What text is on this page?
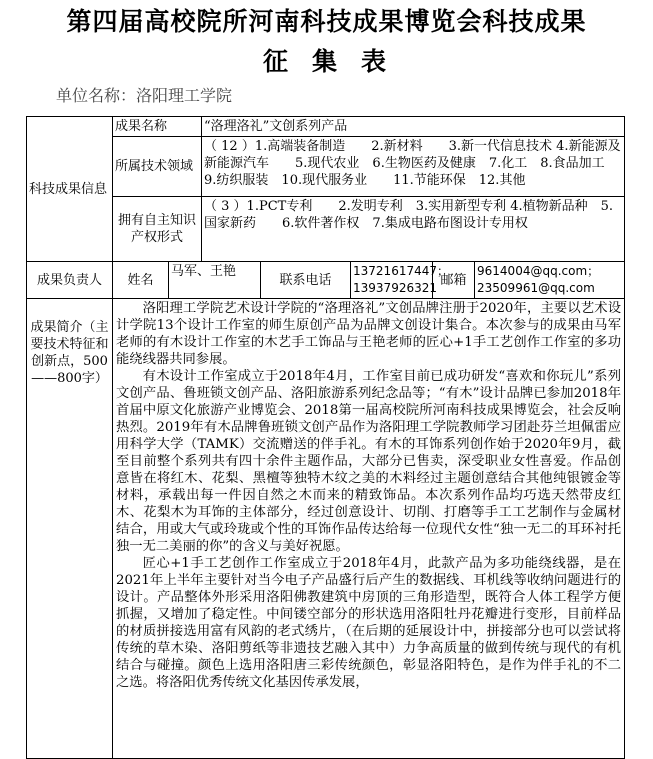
第四届高校院所河南科技成果博览会科技成果
征集表
单位名称：洛阳理工学院
科技成果信息	成果名称		“洛理洛礼”文创系列产品				
	所属技术领域		（ 12 ）1.高端装备制造　　2.新材料　　3.新一代信息技术 4.新能源及新能源汽车　　5.现代农业　6.生物医药及健康　7.化工　8.食品加工　9.纺织服装　10.现代服务业　　11.节能环保　12.其他				
	拥有自主知识产权形式		（ 3 ）1.PCT专利　　2.发明专利　3.实用新型专利 4.植物新品种　5.国家新药　　6.软件著作权　7.集成电路布图设计专用权				
成果负责人	姓名	马军、王艳		联系电话	13721617447；13937926321	邮箱	9614004@qq.com；23509961@qq.com
成果简介（主要技术特征和创新点，500——800字）	洛阳理工学院艺术设计学院的“洛理洛礼”文创品牌注册于2020年，主要以艺术设计学院13个设计工作室的师生原创产品为品牌文创设计集合。本次参与的成果由马军老师的有木设计工作室的木艺手工饰品与王艳老师的匠心+1手工艺创作工作室的多功能绕线器共同参展。

有木设计工作室成立于2018年4月，工作室目前已成功研发“喜欢和你玩儿”系列文创产品、鲁班锁文创产品、洛阳旅游系列纪念品等；“有木”设计品牌已参加2018年首届中原文化旅游产业博览会、2018第一届高校院所河南科技成果博览会，社会反响热烈。2019年有木品牌鲁班锁文创产品作为洛阳理工学院教师学习团赴芬兰坦佩雷应用科学大学（TAMK）交流赠送的伴手礼。有木的耳饰系列创作始于2020年9月，截至目前整个系列共有四十余件主题作品，大部分已售卖，深受职业女性喜爱。作品创意皆在将红木、花梨、黑檀等独特木纹之美的木料经过主题创意结合其他纯银镀金等材料，承载出每一件因自然之木而来的精致饰品。本次系列作品均巧选天然带皮红木、花梨木为耳饰的主体部分，经过创意设计、切削、打磨等手工工艺制作与金属材结合，用或大气或玲珑或个性的耳饰作品传达给每一位现代女性“独一无二的耳环衬托独一无二美丽的你”的含义与美好祝愿。

匠心+1手工艺创作工作室成立于2018年4月，此款产品为多功能绕线器，是在2021年上半年主要针对当今电子产品盛行后产生的数据线、耳机线等收纳问题进行的设计。产品整体外形采用洛阳佛教建筑中房顶的三角形造型，既符合人体工程学方便抓握，又增加了稳定性。中间镂空部分的形状选用洛阳牡丹花瓣进行变形，目前样品的材质拼接选用富有风韵的老式绣片，（在后期的延展设计中，拼接部分也可以尝试将传统的草木染、洛阳剪纸等非遗技艺融入其中）力争高质量的做到传统与现代的有机结合与碰撞。颜色上选用洛阳唐三彩传统颜色，彰显洛阳特色，是作为伴手礼的不二之选。将洛阳优秀传统文化基因传承发展，						
